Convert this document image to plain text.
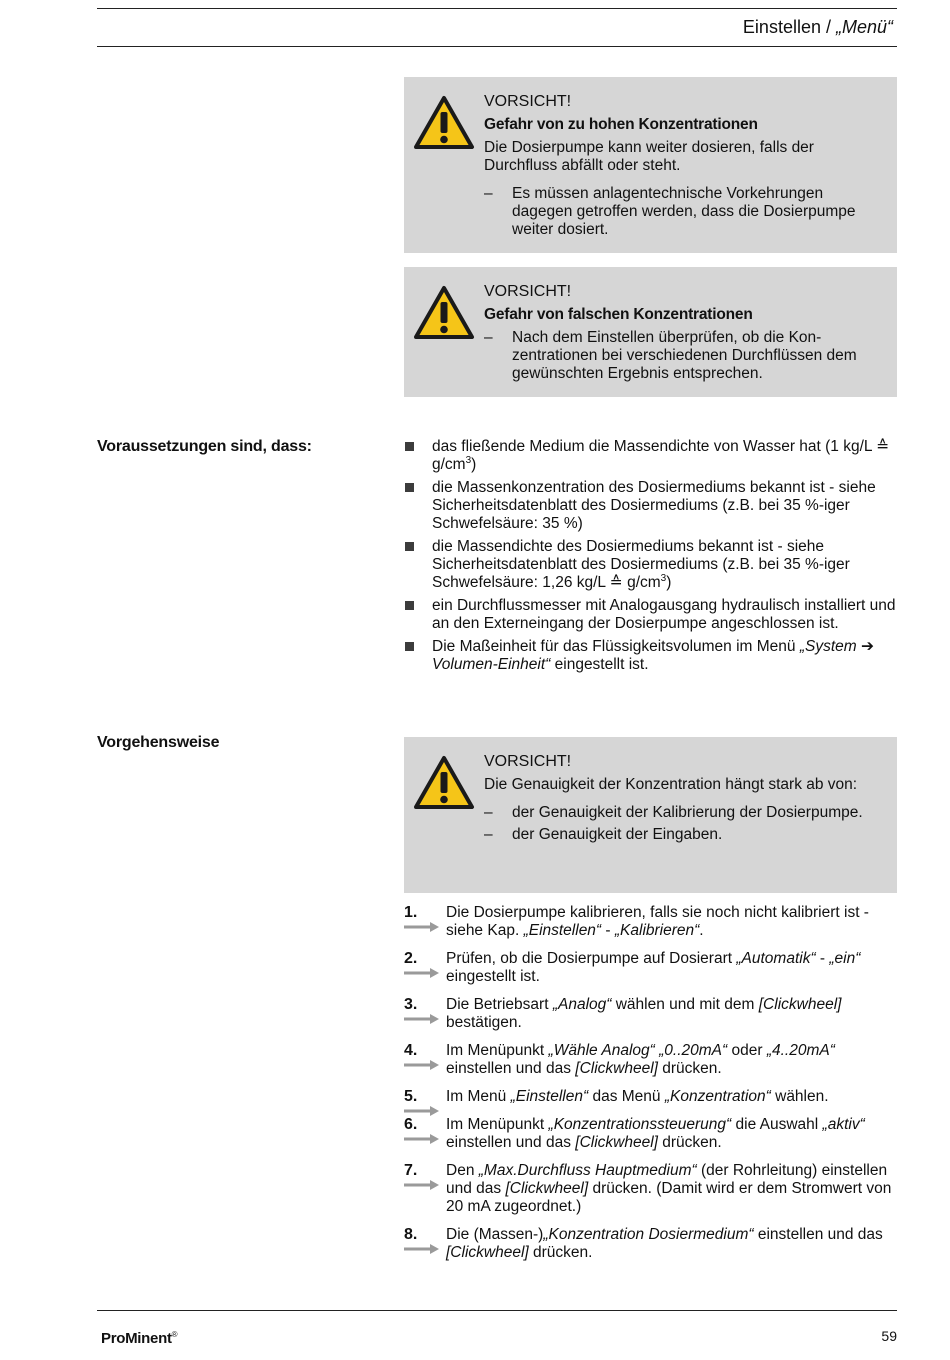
Einstellen / „Menü“
VORSICHT!
Gefahr von zu hohen Konzentrationen
Die Dosierpumpe kann weiter dosieren, falls der Durchfluss abfällt oder steht.
– Es müssen anlagentechnische Vorkehrungen dagegen getroffen werden, dass die Dosierpumpe weiter dosiert.
VORSICHT!
Gefahr von falschen Konzentrationen
– Nach dem Einstellen überprüfen, ob die Konzentrationen bei verschiedenen Durchflüssen dem gewünschten Ergebnis entsprechen.
Voraussetzungen sind, dass:	das fließende Medium die Massendichte von Wasser hat (1 kg/L ≙ $g/cm^3$)
die Massenkonzentration des Dosiermediums bekannt ist - siehe Sicherheitsdatenblatt des Dosiermediums (z.B. bei 35 %-iger Schwefelsäure: 35 %)
die Massendichte des Dosiermediums bekannt ist - siehe Sicherheitsdatenblatt des Dosiermediums (z.B. bei 35 %-iger Schwefelsäure: 1,26 kg/L ≙ $g/cm^3$)
ein Durchflussmesser mit Analogausgang hydraulisch installiert und an den Externeingang der Dosierpumpe angeschlossen ist.
Die Maßeinheit für das Flüssigkeitsvolumen im Menü „System ➔ Volumen-Einheit“ eingestellt ist.
Vorgehensweise
VORSICHT!
Die Genauigkeit der Konzentration hängt stark ab von:
– der Genauigkeit der Kalibrierung der Dosierpumpe.
– der Genauigkeit der Eingaben.
1. Die Dosierpumpe kalibrieren, falls sie noch nicht kalibriert ist - siehe Kap. „Einstellen“ - „Kalibrieren“.
2. Prüfen, ob die Dosierpumpe auf Dosierart „Automatik“ - „ein“ eingestellt ist.
3. Die Betriebsart „Analog“ wählen und mit dem [Clickwheel] bestätigen.
4. Im Menüpunkt „Wähle Analog“ „0..20mA“ oder „4..20mA“ einstellen und das [Clickwheel] drücken.
5. Im Menü „Einstellen“ das Menü „Konzentration“ wählen.
6. Im Menüpunkt „Konzentrationssteuerung“ die Auswahl „aktiv“ einstellen und das [Clickwheel] drücken.
7. Den „Max.Durchfluss Hauptmedium“ (der Rohrleitung) einstellen und das [Clickwheel] drücken. (Damit wird er dem Stromwert von 20 mA zugeordnet.)
8. Die (Massen-)„Konzentration Dosiermedium“ einstellen und das [Clickwheel] drücken.
ProMinent®	59
